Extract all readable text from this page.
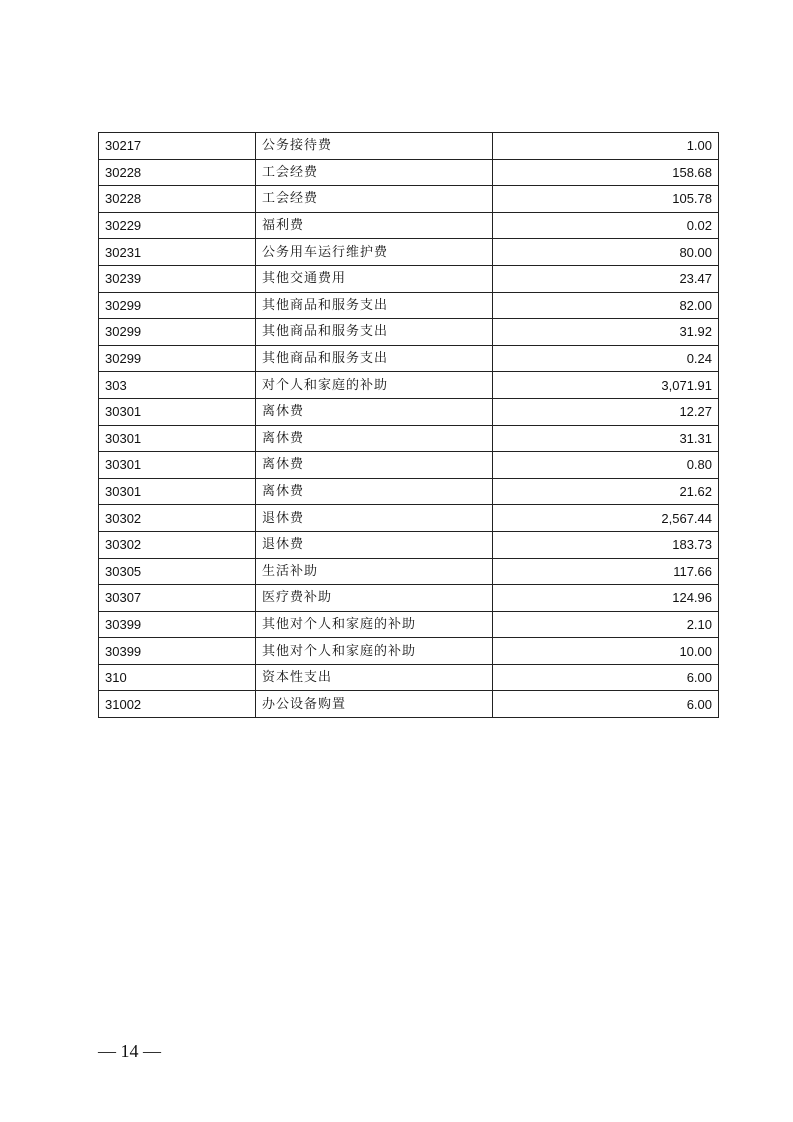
30217	公务接待费	1.00
30228	工会经费	158.68
30228	工会经费	105.78
30229	福利费	0.02
30231	公务用车运行维护费	80.00
30239	其他交通费用	23.47
30299	其他商品和服务支出	82.00
30299	其他商品和服务支出	31.92
30299	其他商品和服务支出	0.24
303	对个人和家庭的补助	3,071.91
30301	离休费	12.27
30301	离休费	31.31
30301	离休费	0.80
30301	离休费	21.62
30302	退休费	2,567.44
30302	退休费	183.73
30305	生活补助	117.66
30307	医疗费补助	124.96
30399	其他对个人和家庭的补助	2.10
30399	其他对个人和家庭的补助	10.00
310	资本性支出	6.00
31002	办公设备购置	6.00
— 14 —
